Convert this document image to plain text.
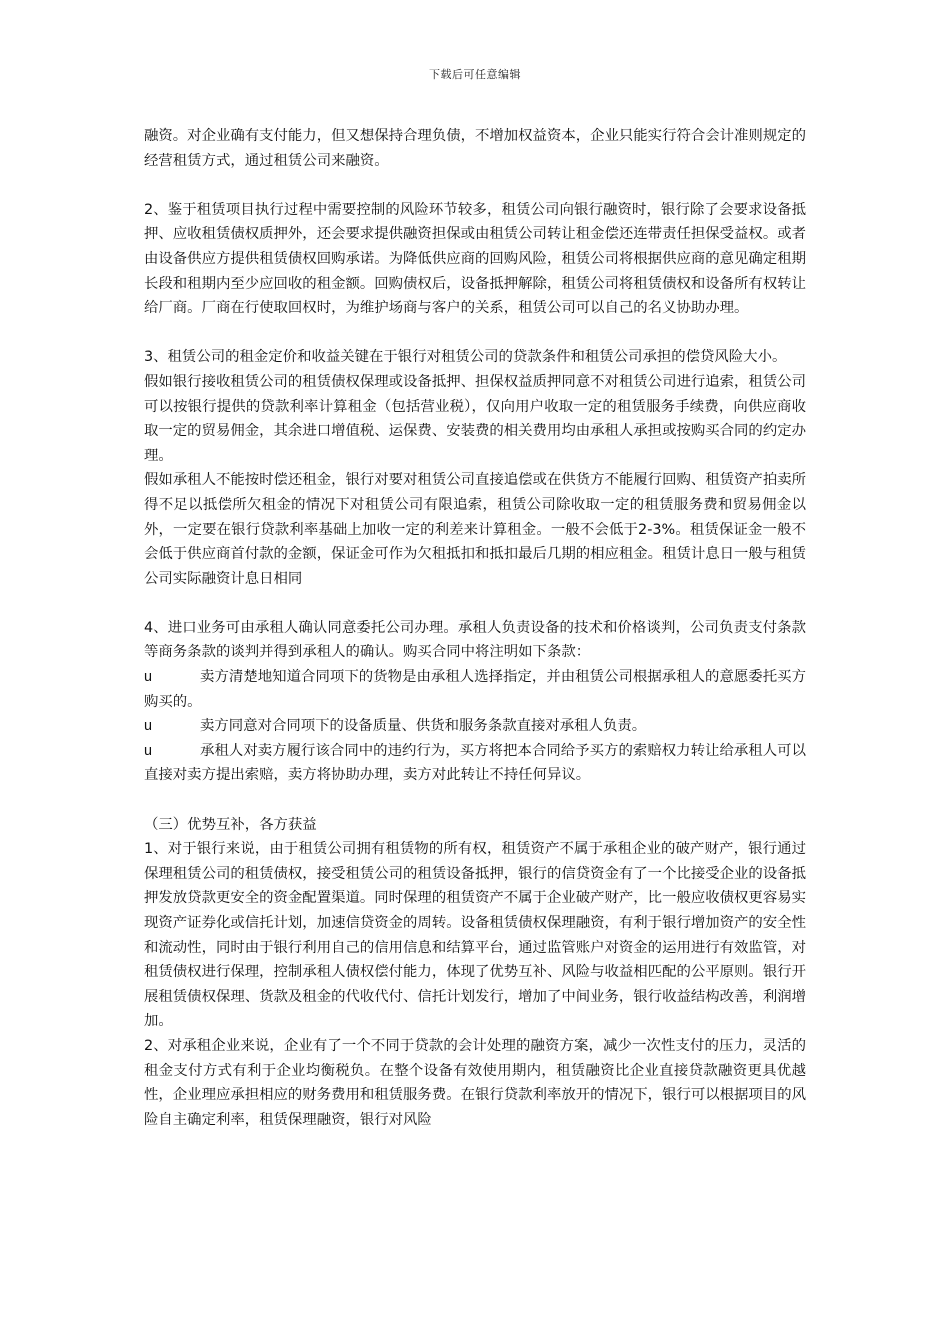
下载后可任意编辑

融资。对企业确有支付能力，但又想保持合理负债，不增加权益资本，企业只能实行符合会计准则规定的经营租赁方式，通过租赁公司来融资。

2、鉴于租赁项目执行过程中需要控制的风险环节较多，租赁公司向银行融资时，银行除了会要求设备抵押、应收租赁债权质押外，还会要求提供融资担保或由租赁公司转让租金偿还连带责任担保受益权。或者由设备供应方提供租赁债权回购承诺。为降低供应商的回购风险，租赁公司将根据供应商的意见确定租期长段和租期内至少应回收的租金额。回购债权后，设备抵押解除，租赁公司将租赁债权和设备所有权转让给厂商。厂商在行使取回权时，为维护场商与客户的关系，租赁公司可以自己的名义协助办理。

3、租赁公司的租金定价和收益关键在于银行对租赁公司的贷款条件和租赁公司承担的偿贷风险大小。

假如银行接收租赁公司的租赁债权保理或设备抵押、担保权益质押同意不对租赁公司进行追索，租赁公司可以按银行提供的贷款利率计算租金（包括营业税），仅向用户收取一定的租赁服务手续费，向供应商收取一定的贸易佣金，其余进口增值税、运保费、安装费的相关费用均由承租人承担或按购买合同的约定办理。

假如承租人不能按时偿还租金，银行对要对租赁公司直接追偿或在供货方不能履行回购、租赁资产拍卖所得不足以抵偿所欠租金的情况下对租赁公司有限追索，租赁公司除收取一定的租赁服务费和贸易佣金以外，一定要在银行贷款利率基础上加收一定的利差来计算租金。一般不会低于2-3%。租赁保证金一般不会低于供应商首付款的金额，保证金可作为欠租抵扣和抵扣最后几期的相应租金。租赁计息日一般与租赁公司实际融资计息日相同

4、进口业务可由承租人确认同意委托公司办理。承租人负责设备的技术和价格谈判，公司负责支付条款等商务条款的谈判并得到承租人的确认。购买合同中将注明如下条款：

u	卖方清楚地知道合同项下的货物是由承租人选择指定，并由租赁公司根据承租人的意愿委托买方购买的。

u	卖方同意对合同项下的设备质量、供货和服务条款直接对承租人负责。

u	承租人对卖方履行该合同中的违约行为，买方将把本合同给予买方的索赔权力转让给承租人可以直接对卖方提出索赔，卖方将协助办理，卖方对此转让不持任何异议。

（三）优势互补，各方获益

1、对于银行来说，由于租赁公司拥有租赁物的所有权，租赁资产不属于承租企业的破产财产，银行通过保理租赁公司的租赁债权，接受租赁公司的租赁设备抵押，银行的信贷资金有了一个比接受企业的设备抵押发放贷款更安全的资金配置渠道。同时保理的租赁资产不属于企业破产财产，比一般应收债权更容易实现资产证券化或信托计划，加速信贷资金的周转。设备租赁债权保理融资，有利于银行增加资产的安全性和流动性，同时由于银行利用自己的信用信息和结算平台，通过监管账户对资金的运用进行有效监管，对租赁债权进行保理，控制承租人债权偿付能力，体现了优势互补、风险与收益相匹配的公平原则。银行开展租赁债权保理、货款及租金的代收代付、信托计划发行，增加了中间业务，银行收益结构改善，利润增加。

2、对承租企业来说，企业有了一个不同于贷款的会计处理的融资方案，减少一次性支付的压力，灵活的租金支付方式有利于企业均衡税负。在整个设备有效使用期内，租赁融资比企业直接贷款融资更具优越性，企业理应承担相应的财务费用和租赁服务费。在银行贷款利率放开的情况下，银行可以根据项目的风险自主确定利率，租赁保理融资，银行对风险
